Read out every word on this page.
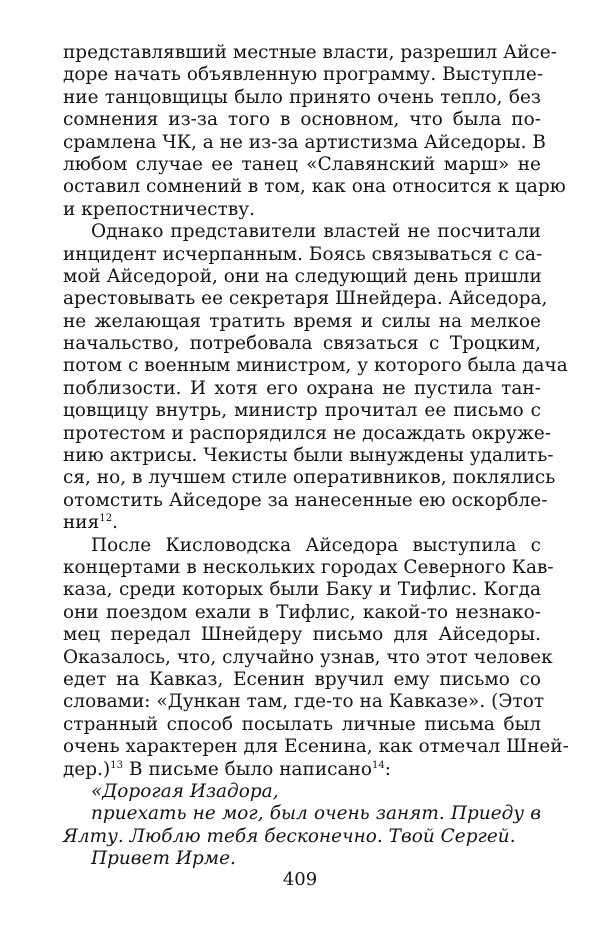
представлявший местные власти, разрешил Айсе-
доре начать объявленную программу. Выступле-
ние танцовщицы было принято очень тепло, без
сомнения из-за того в основном, что была по-
срамлена ЧК, а не из-за артистизма Айседоры. В
любом случае ее танец «Славянский марш» не
оставил сомнений в том, как она относится к царю
и крепостничеству.
Однако представители властей не посчитали
инцидент исчерпанным. Боясь связываться с са-
мой Айседорой, они на следующий день пришли
арестовывать ее секретаря Шнейдера. Айседора,
не желающая тратить время и силы на мелкое
начальство, потребовала связаться с Троцким,
потом с военным министром, у которого была дача
поблизости. И хотя его охрана не пустила тан-
цовщицу внутрь, министр прочитал ее письмо с
протестом и распорядился не досаждать окруже-
нию актрисы. Чекисты были вынуждены удалить-
ся, но, в лучшем стиле оперативников, поклялись
отомстить Айседоре за нанесенные ею оскорбле-
ния$^{12}$.
После Кисловодска Айседора выступила с
концертами в нескольких городах Северного Кав-
каза, среди которых были Баку и Тифлис. Когда
они поездом ехали в Тифлис, какой-то незнако-
мец передал Шнейдеру письмо для Айседоры.
Оказалось, что, случайно узнав, что этот человек
едет на Кавказ, Есенин вручил ему письмо со
словами: «Дункан там, где-то на Кавказе». (Этот
странный способ посылать личные письма был
очень характерен для Есенина, как отмечал Шней-
дер.)$^{13}$ В письме было написано$^{14}$:
«Дорогая Изадора,
приехать не мог, был очень занят. Приеду в
Ялту. Люблю тебя бесконечно. Твой Сергей.
Привет Ирме.
409
